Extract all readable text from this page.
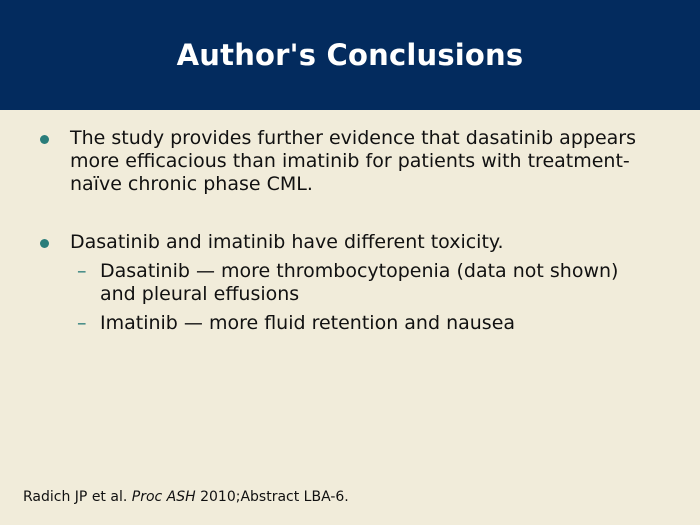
Author's Conclusions
The study provides further evidence that dasatinib appears more efficacious than imatinib for patients with treatment-naïve chronic phase CML.
Dasatinib and imatinib have different toxicity.
– Dasatinib — more thrombocytopenia (data not shown) and pleural effusions
– Imatinib — more fluid retention and nausea
Radich JP et al. Proc ASH 2010;Abstract LBA-6.
